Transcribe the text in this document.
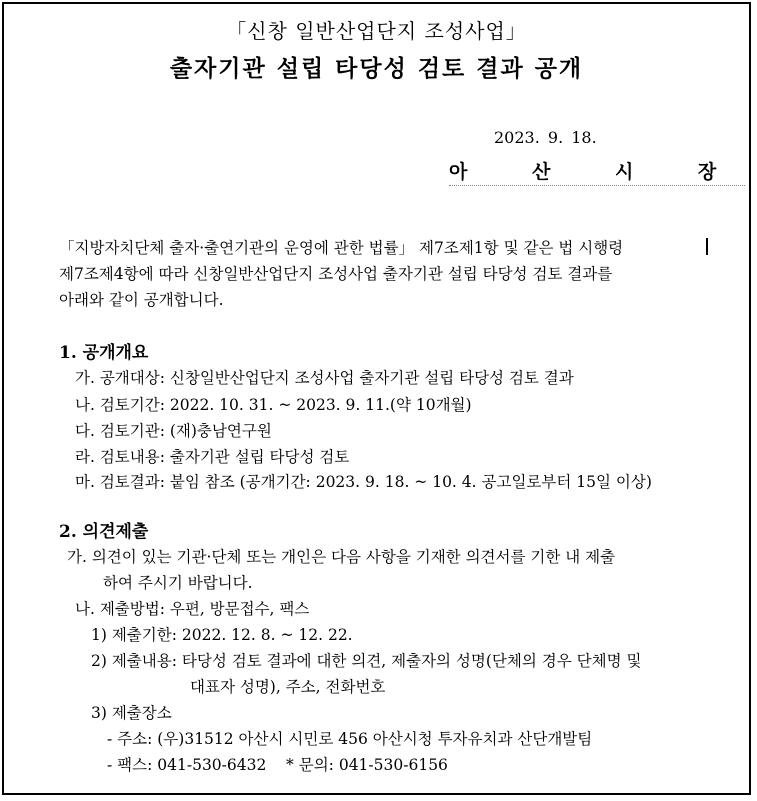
「신창 일반산업단지 조성사업」
출자기관 설립 타당성 검토 결과 공개
2023. 9. 18.
아 산 시 장
「지방자치단체 출자·출연기관의 운영에 관한 법률」 제7조제1항 및 같은 법 시행령
제7조제4항에 따라 신창일반산업단지 조성사업 출자기관 설립 타당성 검토 결과를
아래와 같이 공개합니다.
1. 공개개요
가. 공개대상: 신창일반산업단지 조성사업 출자기관 설립 타당성 검토 결과
나. 검토기간: 2022. 10. 31. ~ 2023. 9. 11.(약 10개월)
다. 검토기관: (재)충남연구원
라. 검토내용: 출자기관 설립 타당성 검토
마. 검토결과: 붙임 참조 (공개기간: 2023. 9. 18. ~ 10. 4. 공고일로부터 15일 이상)
2. 의견제출
가. 의견이 있는 기관·단체 또는 개인은 다음 사항을 기재한 의견서를 기한 내 제출
하여 주시기 바랍니다.
나. 제출방법: 우편, 방문접수, 팩스
1) 제출기한: 2022. 12. 8. ~ 12. 22.
2) 제출내용: 타당성 검토 결과에 대한 의견, 제출자의 성명(단체의 경우 단체명 및
대표자 성명), 주소, 전화번호
3) 제출장소
- 주소: (우)31512 아산시 시민로 456 아산시청 투자유치과 산단개발팀
- 팩스: 041-530-6432    * 문의: 041-530-6156
